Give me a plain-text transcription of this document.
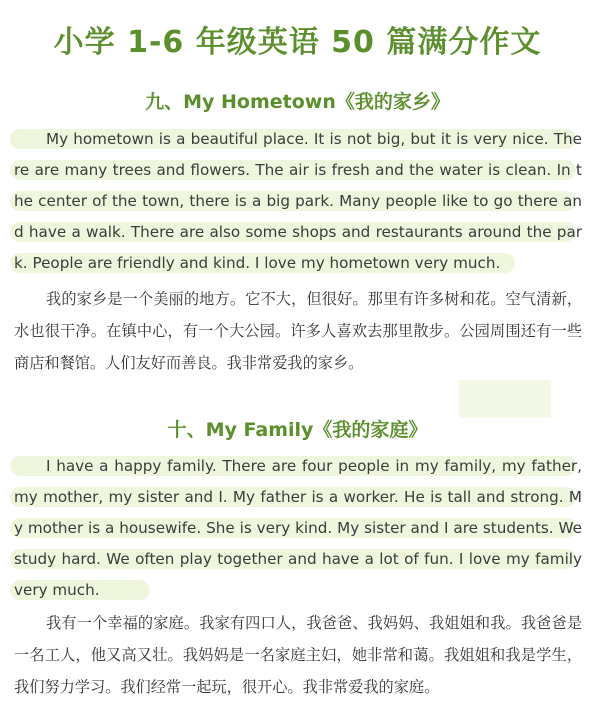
小学 1-6 年级英语 50 篇满分作文
九、My Hometown《我的家乡》
My hometown is a beautiful place. It is not big, but it is very nice. There are many trees and flowers. The air is fresh and the water is clean. In the center of the town, there is a big park. Many people like to go there and have a walk. There are also some shops and restaurants around the park. People are friendly and kind. I love my hometown very much.
我的家乡是一个美丽的地方。它不大，但很好。那里有许多树和花。空气清新，水也很干净。在镇中心，有一个大公园。许多人喜欢去那里散步。公园周围还有一些商店和餐馆。人们友好而善良。我非常爱我的家乡。
十、My Family《我的家庭》
I have a happy family. There are four people in my family, my father, my mother, my sister and I. My father is a worker. He is tall and strong. My mother is a housewife. She is very kind. My sister and I are students. We study hard. We often play together and have a lot of fun. I love my family very much.
我有一个幸福的家庭。我家有四口人，我爸爸、我妈妈、我姐姐和我。我爸爸是一名工人，他又高又壮。我妈妈是一名家庭主妇，她非常和蔼。我姐姐和我是学生，我们努力学习。我们经常一起玩，很开心。我非常爱我的家庭。
